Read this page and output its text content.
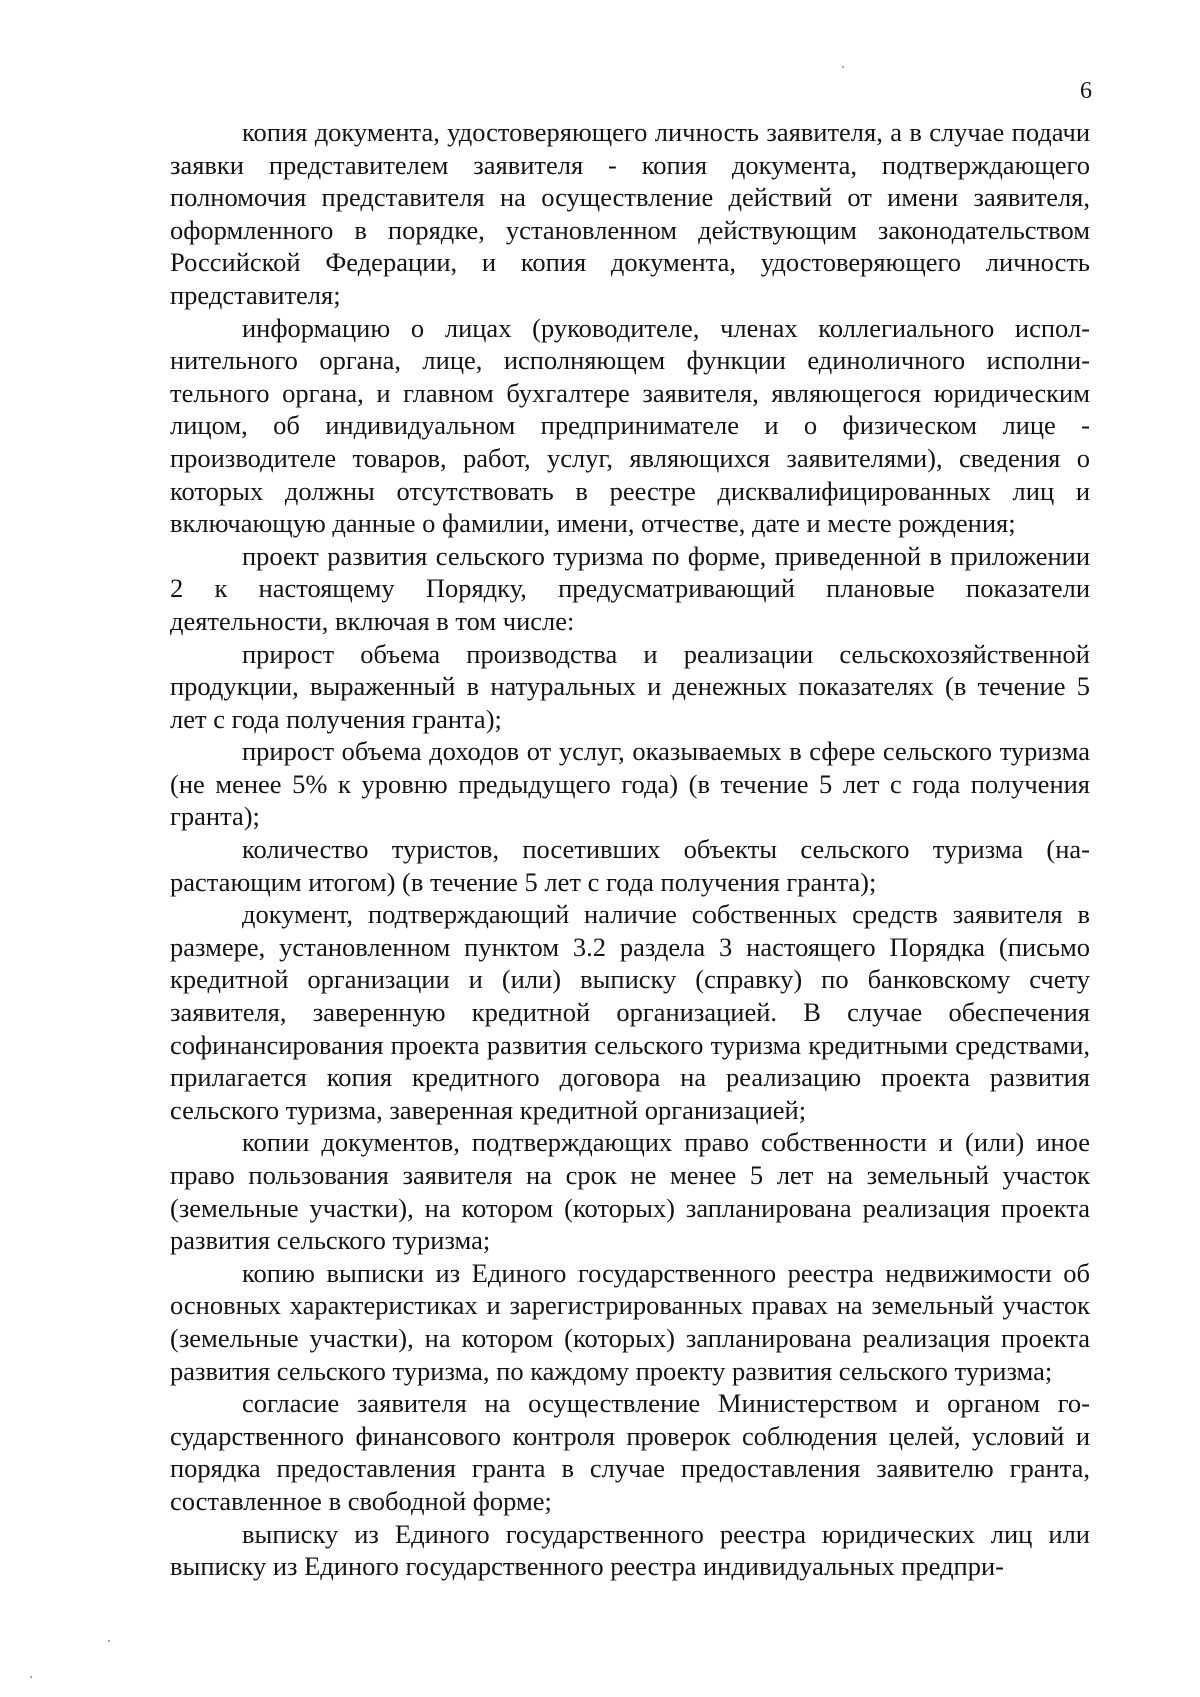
6

копия документа, удостоверяющего личность заявителя, а в случае подачи заявки представителем заявителя - копия документа, подтверждающего полномочия представителя на осуществление действий от имени заявителя, оформленного в порядке, установленном действующим законодательством Российской Федерации, и копия документа, удостоверяющего личность представителя;

информацию о лицах (руководителе, членах коллегиального исполнительного органа, лице, исполняющем функции единоличного исполнительного органа, и главном бухгалтере заявителя, являющегося юридическим лицом, об индивидуальном предпринимателе и о физическом лице - производителе товаров, работ, услуг, являющихся заявителями), сведения о которых должны отсутствовать в реестре дисквалифицированных лиц и включающую данные о фамилии, имени, отчестве, дате и месте рождения;

проект развития сельского туризма по форме, приведенной в приложении 2 к настоящему Порядку, предусматривающий плановые показатели деятельности, включая в том числе:

прирост объема производства и реализации сельскохозяйственной продукции, выраженный в натуральных и денежных показателях (в течение 5 лет с года получения гранта);

прирост объема доходов от услуг, оказываемых в сфере сельского туризма (не менее 5% к уровню предыдущего года) (в течение 5 лет с года получения гранта);

количество туристов, посетивших объекты сельского туризма (нарастающим итогом) (в течение 5 лет с года получения гранта);

документ, подтверждающий наличие собственных средств заявителя в размере, установленном пунктом 3.2 раздела 3 настоящего Порядка (письмо кредитной организации и (или) выписку (справку) по банковскому счету заявителя, заверенную кредитной организацией. В случае обеспечения софинансирования проекта развития сельского туризма кредитными средствами, прилагается копия кредитного договора на реализацию проекта развития сельского туризма, заверенная кредитной организацией;

копии документов, подтверждающих право собственности и (или) иное право пользования заявителя на срок не менее 5 лет на земельный участок (земельные участки), на котором (которых) запланирована реализация проекта развития сельского туризма;

копию выписки из Единого государственного реестра недвижимости об основных характеристиках и зарегистрированных правах на земельный участок (земельные участки), на котором (которых) запланирована реализация проекта развития сельского туризма, по каждому проекту развития сельского туризма;

согласие заявителя на осуществление Министерством и органом государственного финансового контроля проверок соблюдения целей, условий и порядка предоставления гранта в случае предоставления заявителю гранта, составленное в свободной форме;

выписку из Единого государственного реестра юридических лиц или выписку из Единого государственного реестра индивидуальных предпри-
